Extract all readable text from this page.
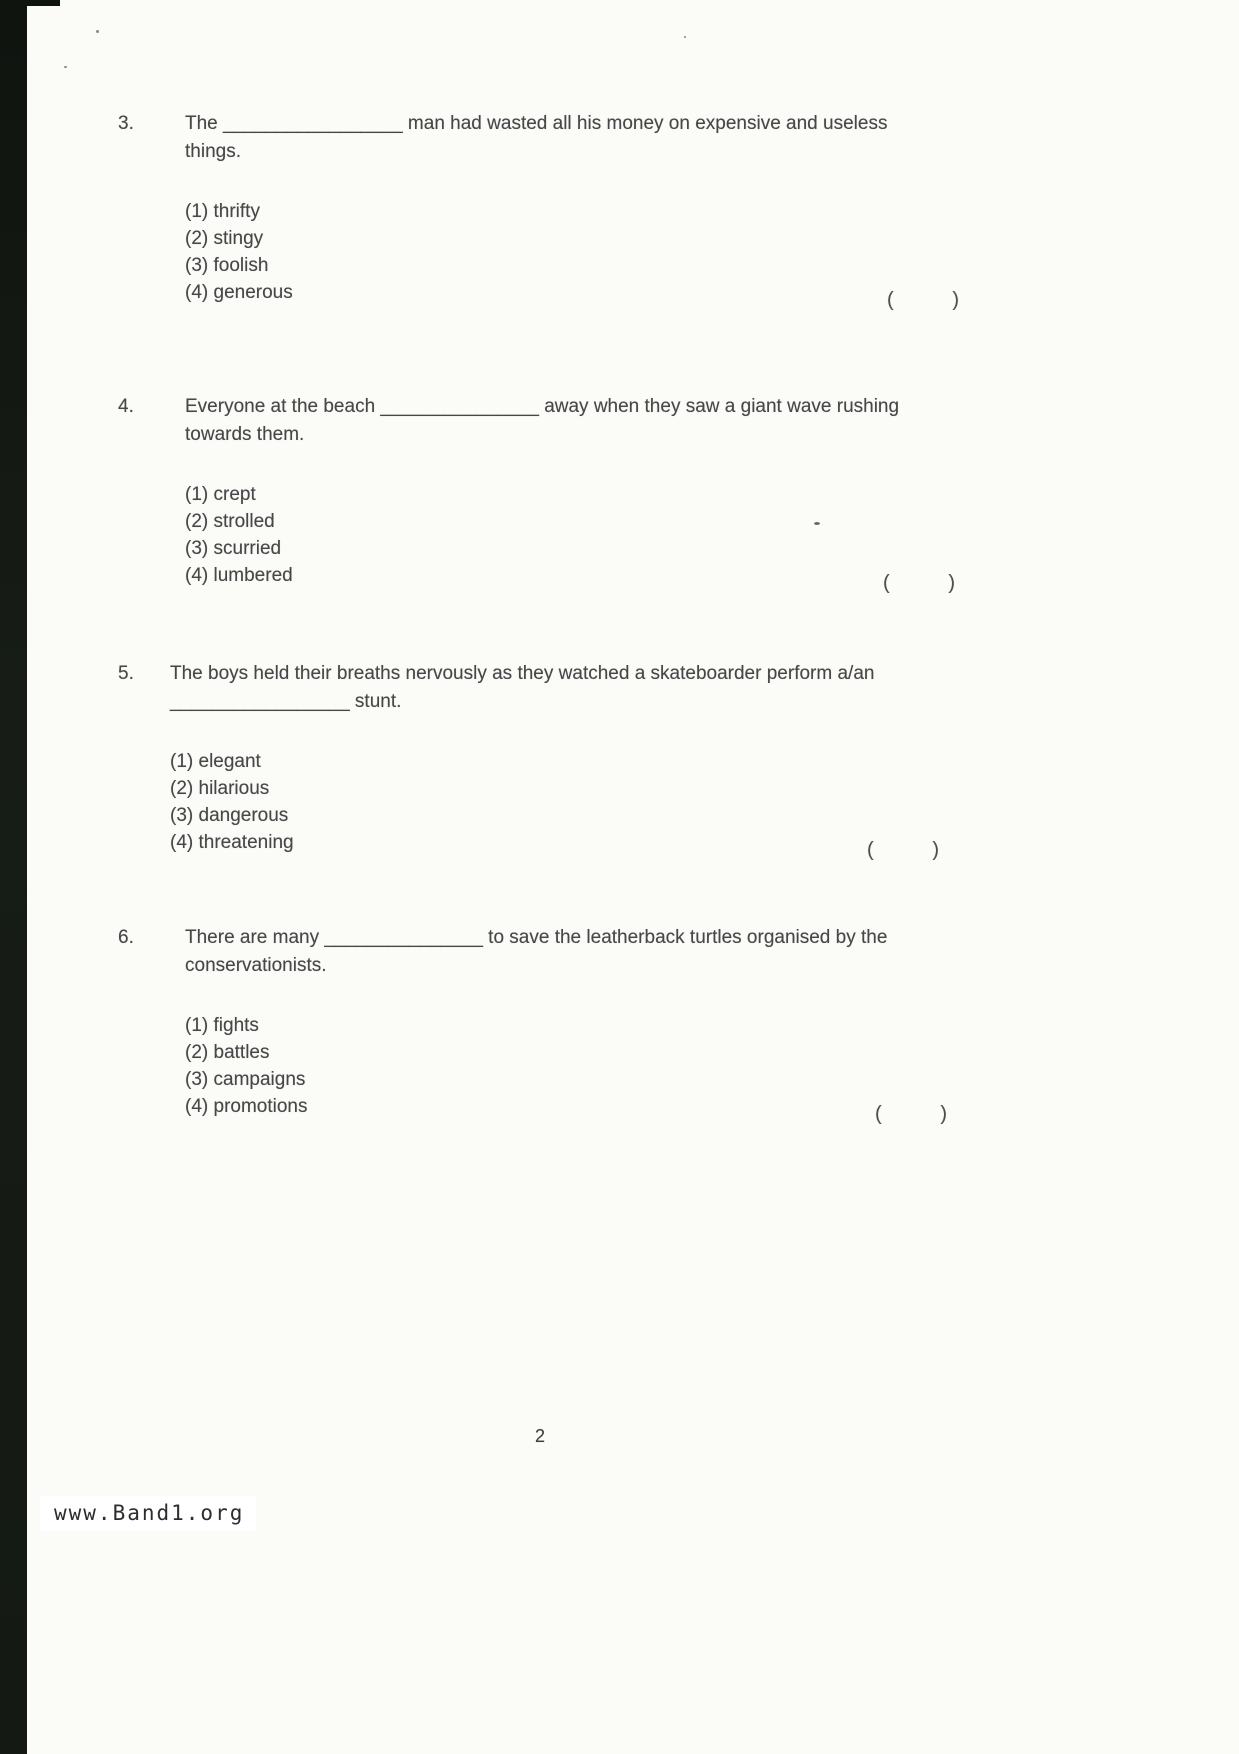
3.	The _________________ man had wasted all his money on expensive and useless
things.
(1) thrifty
(2) stingy
(3) foolish
(4) generous	(	)
4.	Everyone at the beach _______________ away when they saw a giant wave rushing
towards them.
(1) crept
(2) strolled
(3) scurried
(4) lumbered	(	)
5. The boys held their breaths nervously as they watched a skateboarder perform a/an
_________________ stunt.
(1) elegant
(2) hilarious
(3) dangerous
(4) threatening	(	)
6.	There are many _______________ to save the leatherback turtles organised by the
conservationists.
(1) fights
(2) battles
(3) campaigns
(4) promotions	(	)
2
www.Band1.org
